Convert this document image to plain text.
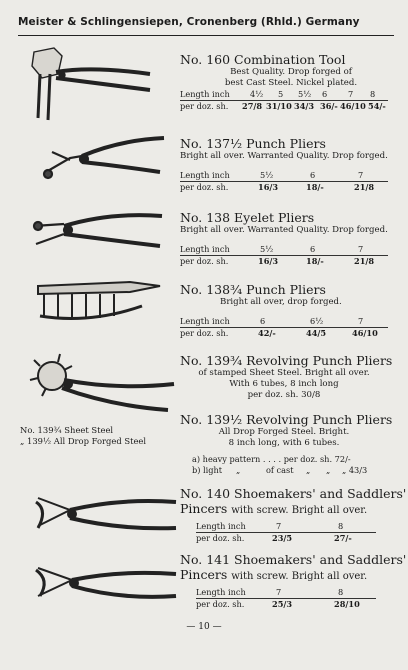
Meister & Schlingensiepen, Cronenberg (Rhld.) Germany
No. 160 Combination Tool
Best Quality. Drop forged of
best Cast Steel. Nickel plated.
Length inch 4½ 5 5½ 6	7 8
per doz. sh. 27/8 31/10 34/3 36/- 46/10 54/-
No. 137½ Punch Pliers
Bright all over. Warranted Quality. Drop forged.
Length inch	5½	6	7
per doz. sh.	16/3	18/-	21/8
No. 138 Eyelet Pliers
Bright all over. Warranted Quality. Drop forged.
Length inch	5½	6	7
per doz. sh.	16/3	18/-	21/8
No. 138¾ Punch Pliers
Bright all over, drop forged.
Length inch	6	6½	7
per doz. sh.	42/-	44/5	46/10
No. 139¾ Revolving Punch Pliers
of stamped Sheet Steel. Bright all over.
With 6 tubes, 8 inch long
per doz. sh. 30/8
No. 139¾ Sheet Steel
„ 139½ All Drop Forged Steel
No. 139½ Revolving Punch Pliers
All Drop Forged Steel. Bright.
8 inch long, with 6 tubes.
a) heavy pattern . . . . per doz. sh. 72/-
b) light „	of cast „ „ „ 43/3
No. 140 Shoemakers' and Saddlers'
Pincers with screw. Bright all over.
Length inch	7	8
per doz. sh.	23/5	27/-
No. 141 Shoemakers' and Saddlers'
Pincers with screw. Bright all over.
Length inch	7	8
per doz. sh.	25/3	28/10
— 10 —
